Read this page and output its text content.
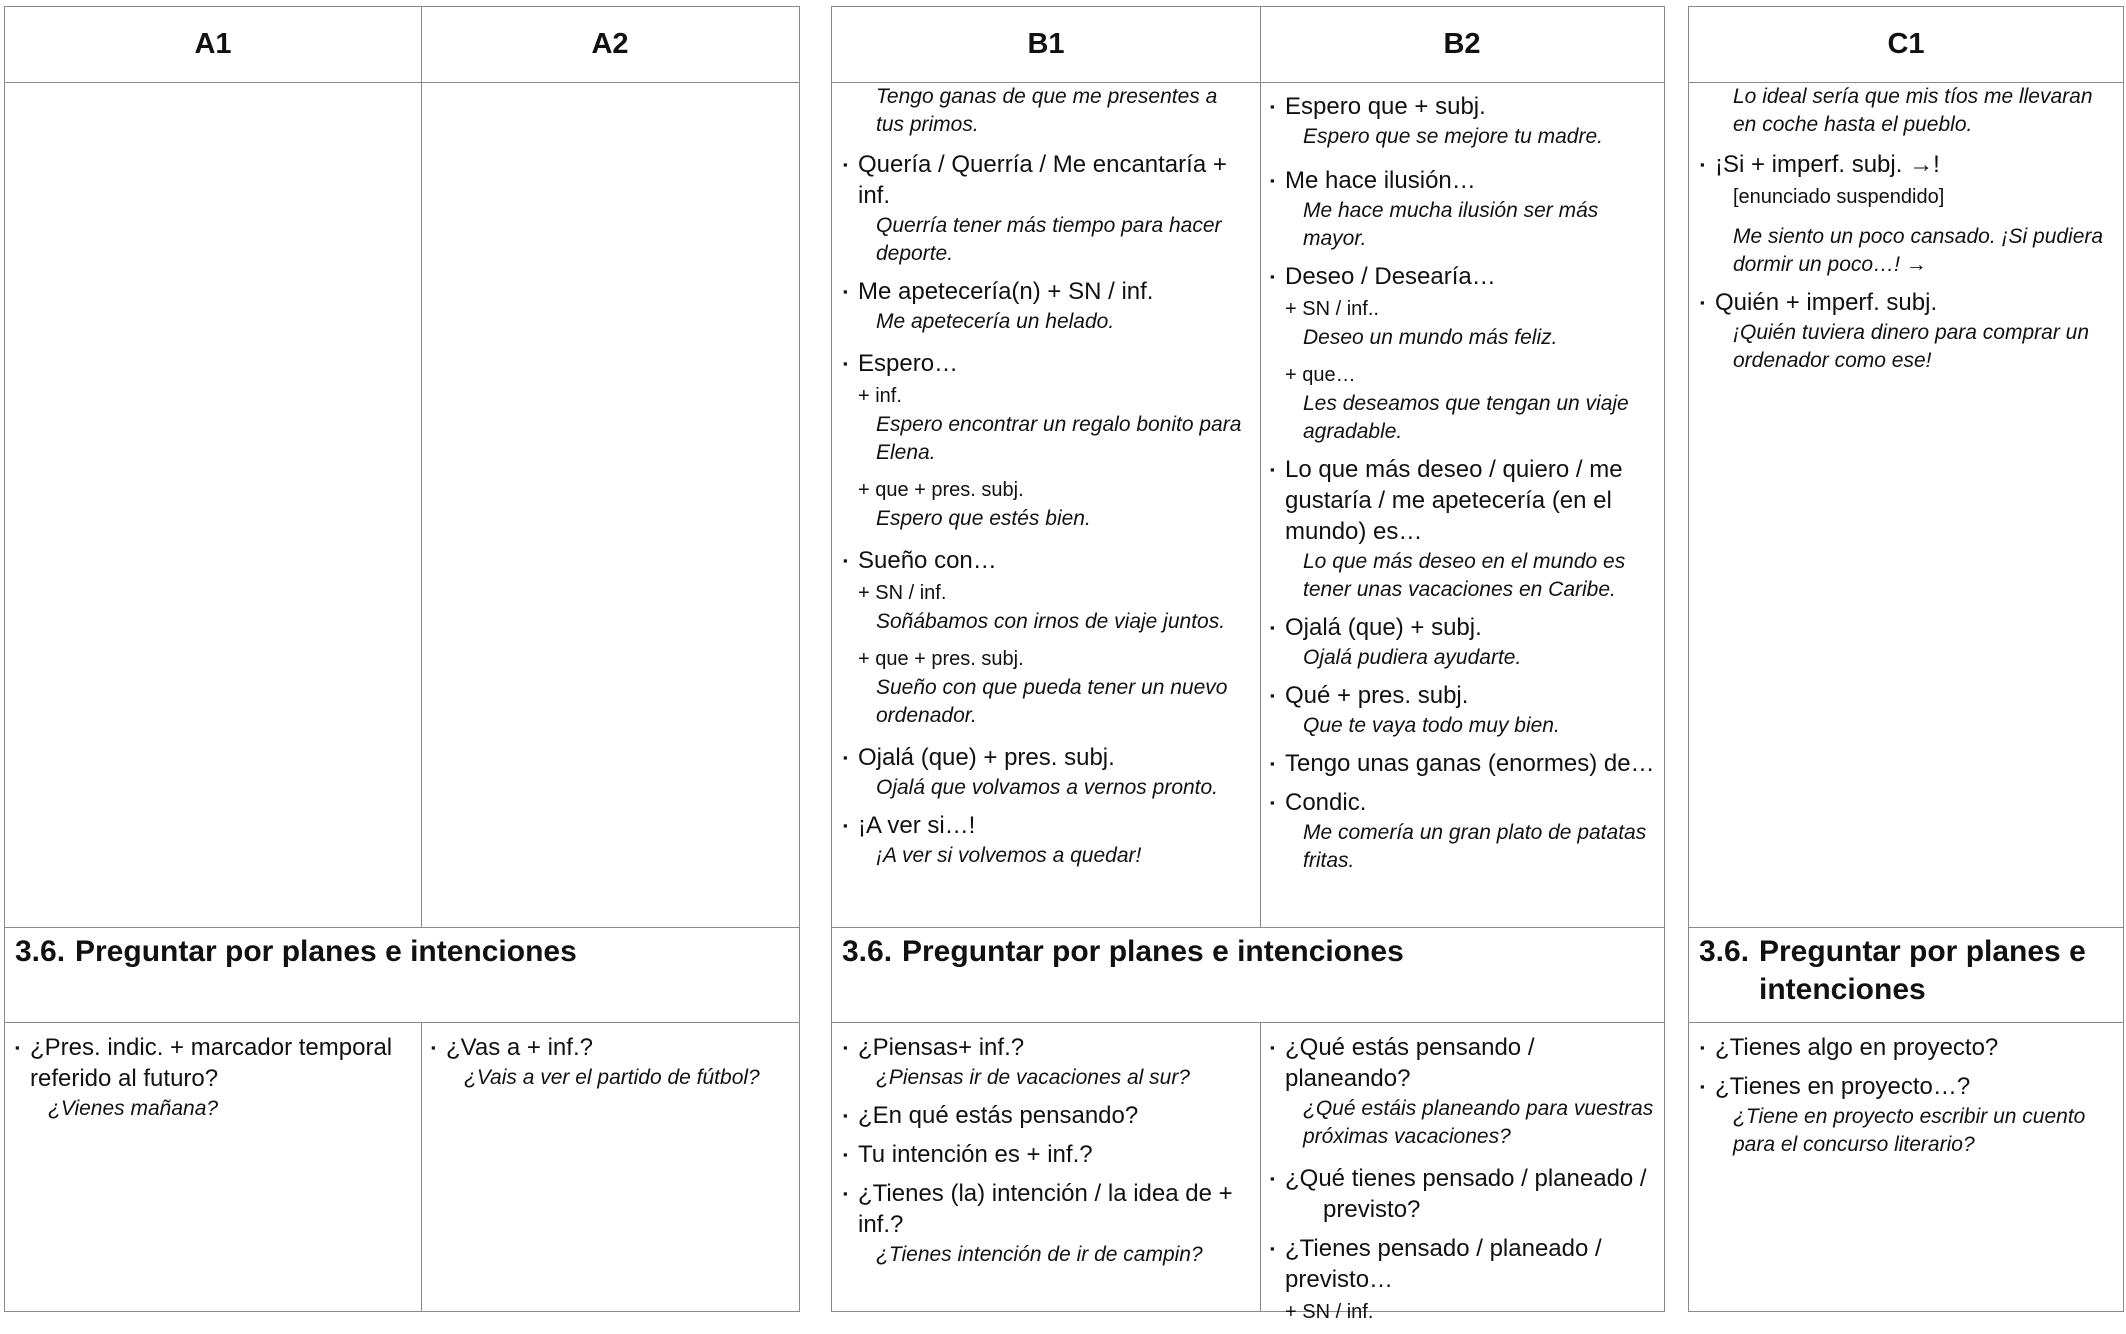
A1	A2
3.6. Preguntar por planes e intenciones
▪ ¿Pres. indic. + marcador temporal referido al futuro?
¿Vienes mañana?
▪ ¿Vas a + inf.?
¿Vais a ver el partido de fútbol?
B1	B2
3.6. Preguntar por planes e intenciones
Tengo ganas de que me presentes a tus primos.
▪ Quería / Querría / Me encantaría + inf.
Querría tener más tiempo para hacer deporte.
▪ Me apetecería(n) + SN / inf.
Me apetecería un helado.
▪ Espero…
+ inf.
Espero encontrar un regalo bonito para Elena.
+ que + pres. subj.
Espero que estés bien.
▪ Sueño con…
+ SN / inf.
Soñábamos con irnos de viaje juntos.
+ que + pres. subj.
Sueño con que pueda tener un nuevo ordenador.
▪ Ojalá (que) + pres. subj.
Ojalá que volvamos a vernos pronto.
▪ ¡A ver si…!
¡A ver si volvemos a quedar!
▪ Espero que + subj.
Espero que se mejore tu madre.
▪ Me hace ilusión…
Me hace mucha ilusión ser más mayor.
▪ Deseo / Desearía…
+ SN / inf..
Deseo un mundo más feliz.
+ que…
Les deseamos que tengan un viaje agradable.
▪ Lo que más deseo / quiero / me gustaría / me apetecería (en el mundo) es…
Lo que más deseo en el mundo es tener unas vacaciones en Caribe.
▪ Ojalá (que) + subj.
Ojalá pudiera ayudarte.
▪ Qué + pres. subj.
Que te vaya todo muy bien.
▪ Tengo unas ganas (enormes) de…
▪ Condic.
Me comería un gran plato de patatas fritas.
▪ ¿Piensas+ inf.?
¿Piensas ir de vacaciones al sur?
▪ ¿En qué estás pensando?
▪ Tu intención es + inf.?
▪ ¿Tienes (la) intención / la idea de + inf.?
¿Tienes intención de ir de campin?
▪ ¿Qué estás pensando / planeando?
¿Qué estáis planeando para vuestras próximas vacaciones?
▪ ¿Qué tienes pensado / planeado /
previsto?
▪ ¿Tienes pensado / planeado / previsto…
+ SN / inf.
C1
3.6. Preguntar por planes e
intenciones
Lo ideal sería que mis tíos me llevaran en coche hasta el pueblo.
▪ ¡Si + imperf. subj. →!
[enunciado suspendido]
Me siento un poco cansado. ¡Si pudiera dormir un poco…! →
▪ Quién + imperf. subj.
¡Quién tuviera dinero para comprar un ordenador como ese!
▪ ¿Tienes algo en proyecto?
▪ ¿Tienes en proyecto…?
¿Tiene en proyecto escribir un cuento para el concurso literario?
